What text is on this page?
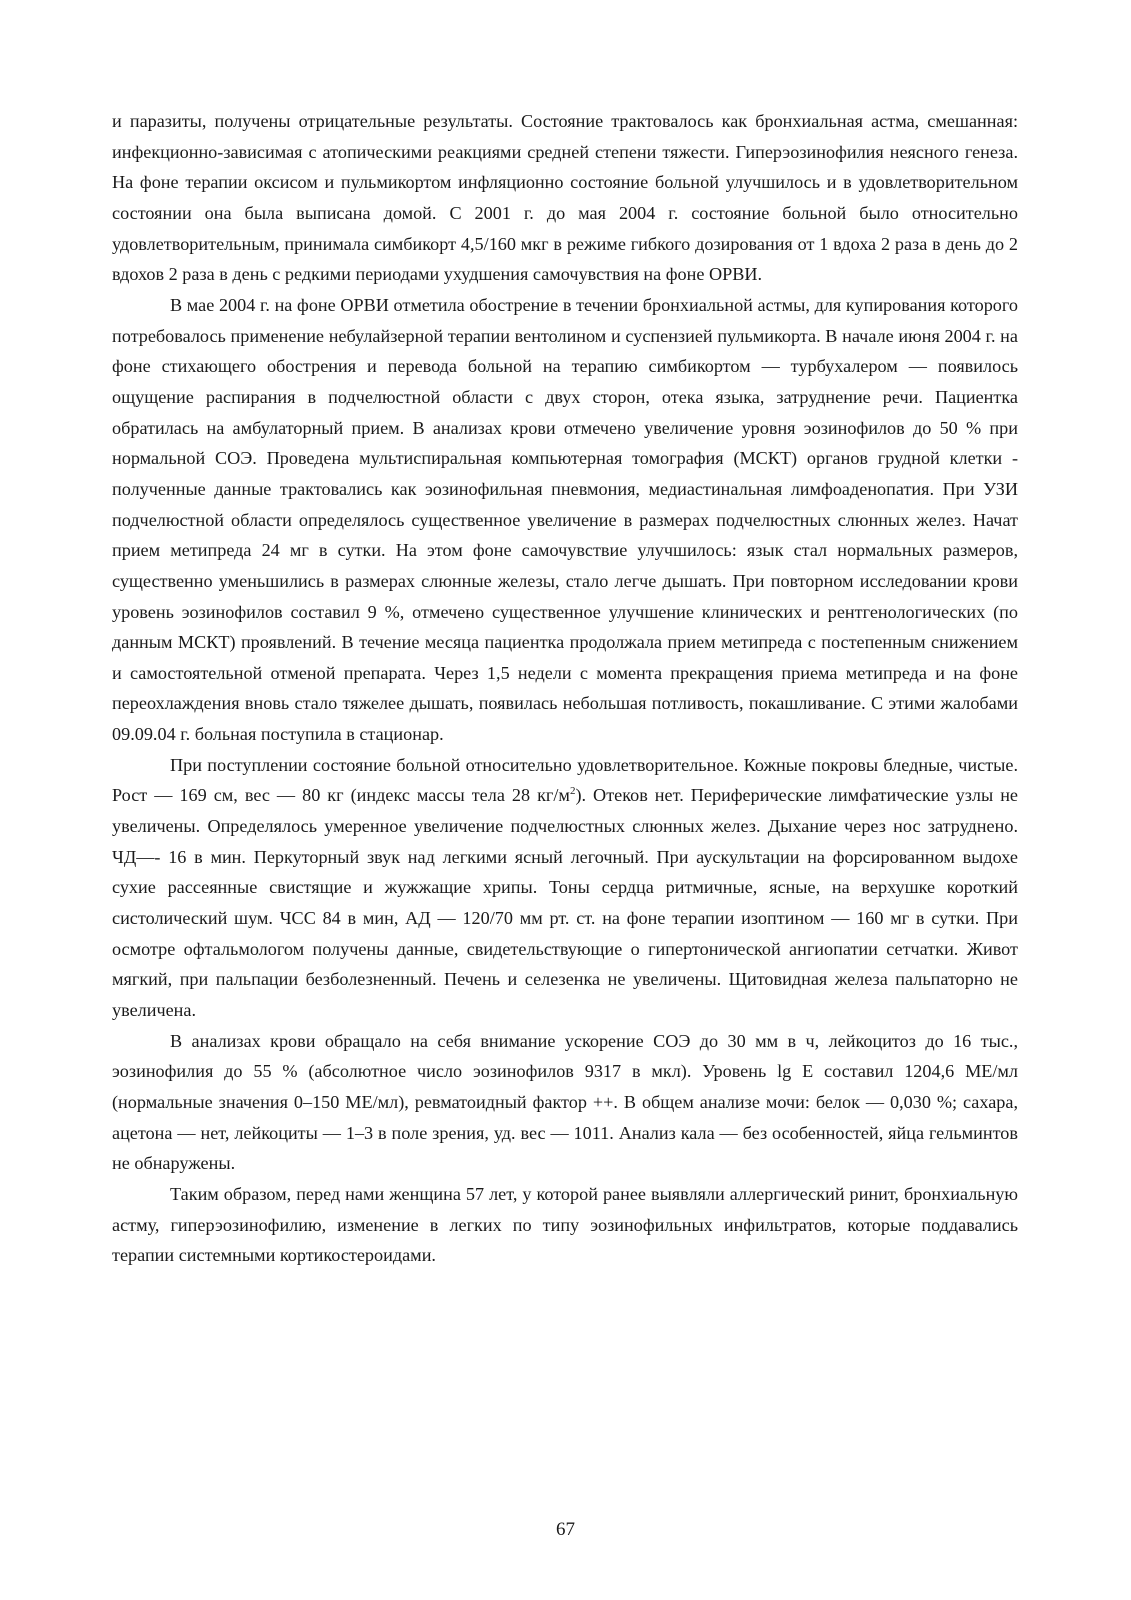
и паразиты, получены отрицательные результаты. Состояние трактовалось как бронхиальная астма, смешанная: инфекционно-зависимая с атопическими реакциями средней степени тяжести. Гиперэозинофилия неясного генеза. На фоне терапии оксисом и пульмикортом инфляционно состояние больной улучшилось и в удовлетворительном состоянии она была выписана домой. С 2001 г. до мая 2004 г. состояние больной было относительно удовлетворительным, принимала симбикорт 4,5/160 мкг в режиме гибкого дозирования от 1 вдоха 2 раза в день до 2 вдохов 2 раза в день с редкими периодами ухудшения самочувствия на фоне ОРВИ.

В мае 2004 г. на фоне ОРВИ отметила обострение в течении бронхиальной астмы, для купирования которого потребовалось применение небулайзерной терапии вентолином и суспензией пульмикорта. В начале июня 2004 г. на фоне стихающего обострения и перевода больной на терапию симбикортом — турбухалером — появилось ощущение распирания в подчелюстной области с двух сторон, отека языка, затруднение речи. Пациентка обратилась на амбулаторный прием. В анализах крови отмечено увеличение уровня эозинофилов до 50 % при нормальной СОЭ. Проведена мультиспиральная компьютерная томография (МСКТ) органов грудной клетки - полученные данные трактовались как эозинофильная пневмония, медиастинальная лимфоаденопатия. При УЗИ подчелюстной области определялось существенное увеличение в размерах подчелюстных слюнных желез. Начат прием метипреда 24 мг в сутки. На этом фоне самочувствие улучшилось: язык стал нормальных размеров, существенно уменьшились в размерах слюнные железы, стало легче дышать. При повторном исследовании крови уровень эозинофилов составил 9 %, отмечено существенное улучшение клинических и рентгенологических (по данным МСКТ) проявлений. В течение месяца пациентка продолжала прием метипреда с постепенным снижением и самостоятельной отменой препарата. Через 1,5 недели с момента прекращения приема метипреда и на фоне переохлаждения вновь стало тяжелее дышать, появилась небольшая потливость, покашливание. С этими жалобами 09.09.04 г. больная поступила в стационар.

При поступлении состояние больной относительно удовлетворительное. Кожные покровы бледные, чистые. Рост — 169 см, вес — 80 кг (индекс массы тела 28 $кг/м^2$). Отеков нет. Периферические лимфатические узлы не увеличены. Определялось умеренное увеличение подчелюстных слюнных желез. Дыхание через нос затруднено. ЧД—- 16 в мин. Перкуторный звук над легкими ясный легочный. При аускультации на форсированном выдохе сухие рассеянные свистящие и жужжащие хрипы. Тоны сердца ритмичные, ясные, на верхушке короткий систолический шум. ЧСС 84 в мин, АД — 120/70 мм рт. ст. на фоне терапии изоптином — 160 мг в сутки. При осмотре офтальмологом получены данные, свидетельствующие о гипертонической ангиопатии сетчатки. Живот мягкий, при пальпации безболезненный. Печень и селезенка не увеличены. Щитовидная железа пальпаторно не увеличена.

В анализах крови обращало на себя внимание ускорение СОЭ до 30 мм в ч, лейкоцитоз до 16 тыс., эозинофилия до 55 % (абсолютное число эозинофилов 9317 в мкл). Уровень lg E составил 1204,6 МЕ/мл (нормальные значения 0–150 МЕ/мл), ревматоидный фактор ++. В общем анализе мочи: белок — 0,030 %; сахара, ацетона — нет, лейкоциты — 1–3 в поле зрения, уд. вес — 1011. Анализ кала — без особенностей, яйца гельминтов не обнаружены.

Таким образом, перед нами женщина 57 лет, у которой ранее выявляли аллергический ринит, бронхиальную астму, гиперэозинофилию, изменение в легких по типу эозинофильных инфильтратов, которые поддавались терапии системными кортикостероидами.

67
